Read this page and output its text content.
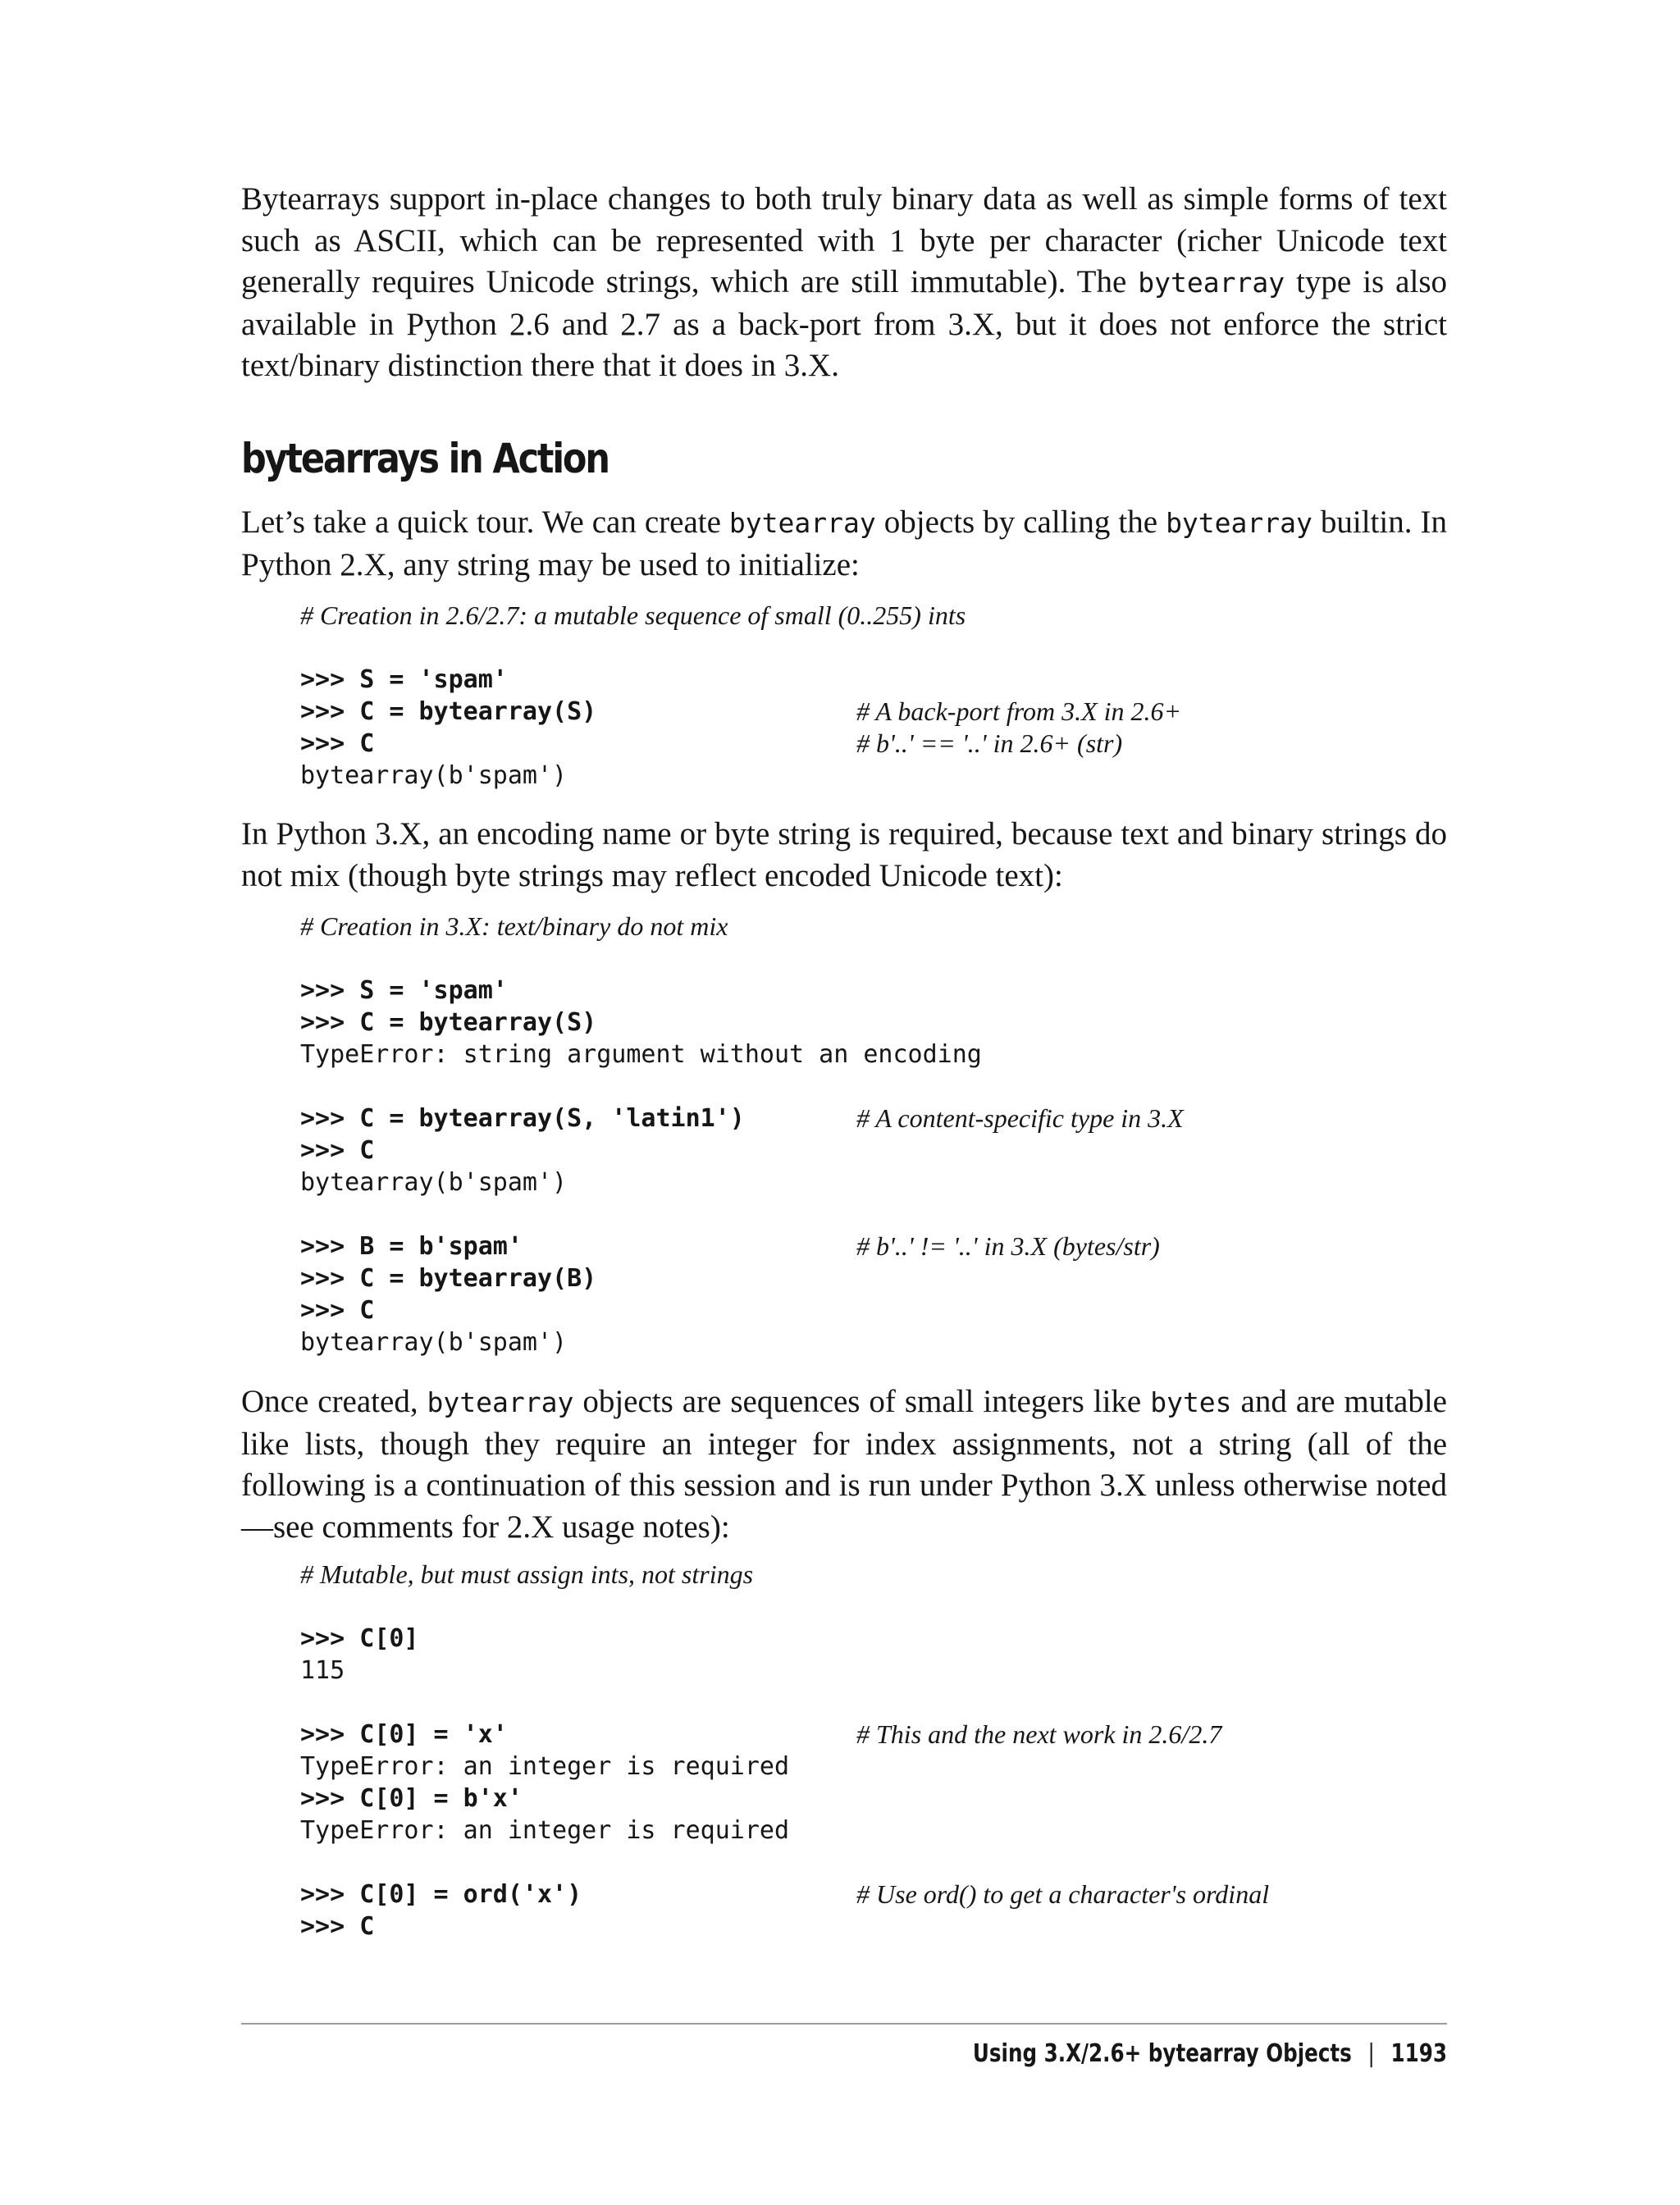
Bytearrays support in-place changes to both truly binary data as well as simple forms of text such as ASCII, which can be represented with 1 byte per character (richer Unicode text generally requires Unicode strings, which are still immutable). The bytearray type is also available in Python 2.6 and 2.7 as a back-port from 3.X, but it does not enforce the strict text/binary distinction there that it does in 3.X.

bytearrays in Action

Let’s take a quick tour. We can create bytearray objects by calling the bytearray builtin. In Python 2.X, any string may be used to initialize:

# Creation in 2.6/2.7: a mutable sequence of small (0..255) ints
>>> S = 'spam'
>>> C = bytearray(S)	# A back-port from 3.X in 2.6+
>>> C	# b'..' == '..' in 2.6+ (str)
bytearray(b'spam')

In Python 3.X, an encoding name or byte string is required, because text and binary strings do not mix (though byte strings may reflect encoded Unicode text):

# Creation in 3.X: text/binary do not mix
>>> S = 'spam'
>>> C = bytearray(S)
TypeError: string argument without an encoding
>>> C = bytearray(S, 'latin1')	# A content-specific type in 3.X
>>> C
bytearray(b'spam')
>>> B = b'spam'	# b'..' != '..' in 3.X (bytes/str)
>>> C = bytearray(B)
>>> C
bytearray(b'spam')

Once created, bytearray objects are sequences of small integers like bytes and are mutable like lists, though they require an integer for index assignments, not a string (all of the following is a continuation of this session and is run under Python 3.X unless otherwise noted—see comments for 2.X usage notes):

# Mutable, but must assign ints, not strings
>>> C[0]
115
>>> C[0] = 'x'	# This and the next work in 2.6/2.7
TypeError: an integer is required
>>> C[0] = b'x'
TypeError: an integer is required
>>> C[0] = ord('x')	# Use ord() to get a character's ordinal
>>> C
Using 3.X/2.6+ bytearray Objects | 1193
